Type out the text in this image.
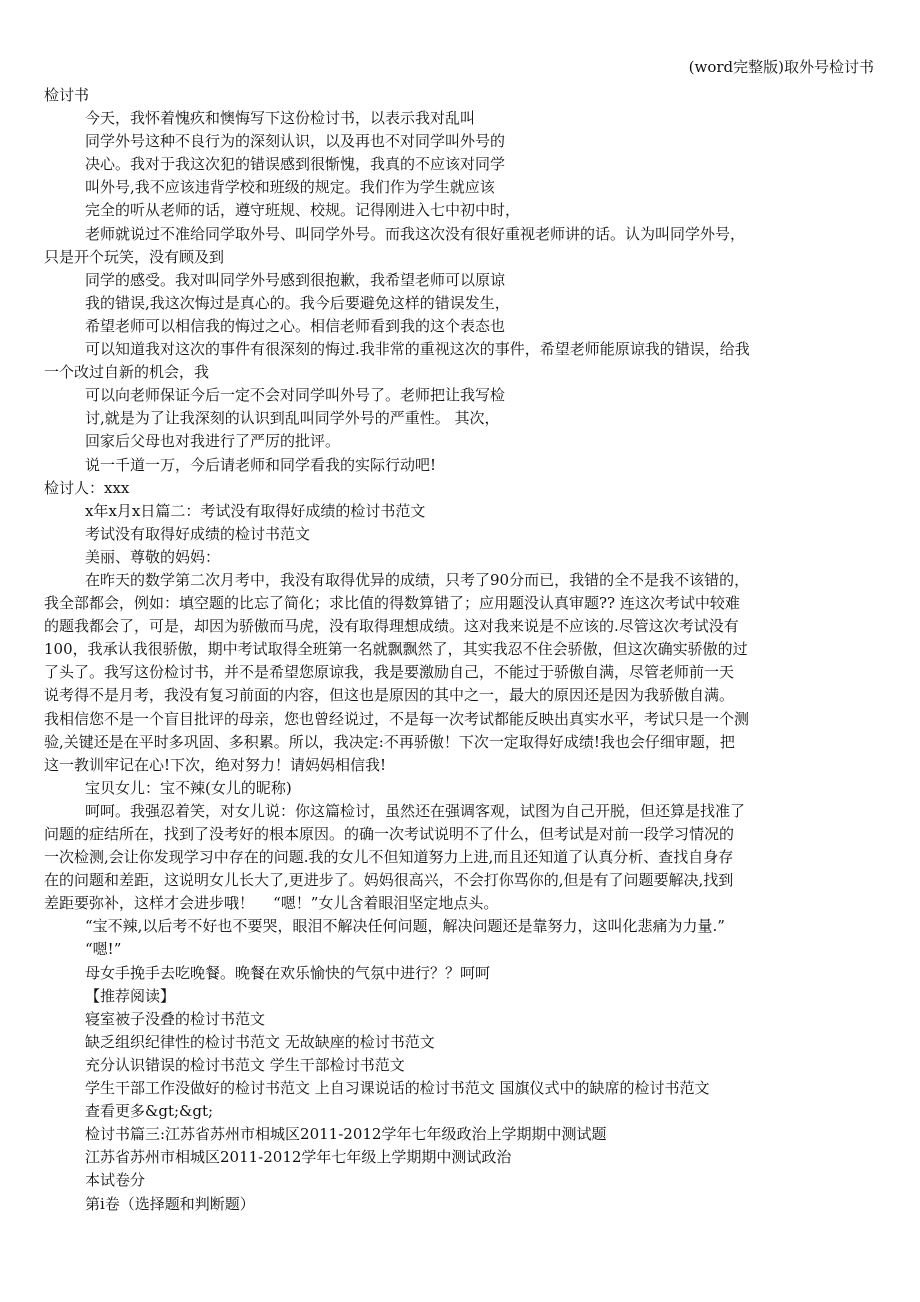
(word完整版)取外号检讨书
检讨书
今天，我怀着愧疚和懊悔写下这份检讨书，以表示我对乱叫
同学外号这种不良行为的深刻认识，以及再也不对同学叫外号的
决心。我对于我这次犯的错误感到很惭愧，我真的不应该对同学
叫外号,我不应该违背学校和班级的规定。我们作为学生就应该
完全的听从老师的话，遵守班规、校规。记得刚进入七中初中时，
老师就说过不准给同学取外号、叫同学外号。而我这次没有很好重视老师讲的话。认为叫同学外号，
只是开个玩笑，没有顾及到
同学的感受。我对叫同学外号感到很抱歉，我希望老师可以原谅
我的错误,我这次悔过是真心的。我今后要避免这样的错误发生，
希望老师可以相信我的悔过之心。相信老师看到我的这个表态也
可以知道我对这次的事件有很深刻的悔过.我非常的重视这次的事件，希望老师能原谅我的错误，给我
一个改过自新的机会，我
可以向老师保证今后一定不会对同学叫外号了。老师把让我写检
讨,就是为了让我深刻的认识到乱叫同学外号的严重性。 其次，
回家后父母也对我进行了严厉的批评。
说一千道一万，今后请老师和同学看我的实际行动吧!
检讨人：xxx
x年x月x日篇二：考试没有取得好成绩的检讨书范文
考试没有取得好成绩的检讨书范文
美丽、尊敬的妈妈：
在昨天的数学第二次月考中，我没有取得优异的成绩，只考了90分而已，我错的全不是我不该错的，
我全部都会，例如：填空题的比忘了简化；求比值的得数算错了；应用题没认真审题?? 连这次考试中较难
的题我都会了，可是，却因为骄傲而马虎，没有取得理想成绩。这对我来说是不应该的.尽管这次考试没有
100，我承认我很骄傲，期中考试取得全班第一名就飘飘然了，其实我忍不住会骄傲，但这次确实骄傲的过
了头了。我写这份检讨书，并不是希望您原谅我，我是要激励自己，不能过于骄傲自满，尽管老师前一天
说考得不是月考，我没有复习前面的内容，但这也是原因的其中之一，最大的原因还是因为我骄傲自满。
我相信您不是一个盲目批评的母亲，您也曾经说过，不是每一次考试都能反映出真实水平，考试只是一个测
验,关键还是在平时多巩固、多积累。所以，我决定:不再骄傲！下次一定取得好成绩!我也会仔细审题，把
这一教训牢记在心!下次，绝对努力！请妈妈相信我!
宝贝女儿：宝不辣(女儿的昵称)
呵呵。我强忍着笑，对女儿说：你这篇检讨，虽然还在强调客观，试图为自己开脱，但还算是找准了
问题的症结所在，找到了没考好的根本原因。的确一次考试说明不了什么，但考试是对前一段学习情况的
一次检测,会让你发现学习中存在的问题.我的女儿不但知道努力上进,而且还知道了认真分析、查找自身存
在的问题和差距，这说明女儿长大了,更进步了。妈妈很高兴，不会打你骂你的,但是有了问题要解决,找到
差距要弥补，这样才会进步哦！    “嗯！”女儿含着眼泪坚定地点头。
“宝不辣,以后考不好也不要哭，眼泪不解决任何问题，解决问题还是靠努力，这叫化悲痛为力量.”
“嗯!”
母女手挽手去吃晚餐。晚餐在欢乐愉快的气氛中进行？？呵呵
【推荐阅读】
寝室被子没叠的检讨书范文
缺乏组织纪律性的检讨书范文 无故缺座的检讨书范文
充分认识错误的检讨书范文 学生干部检讨书范文
学生干部工作没做好的检讨书范文 上自习课说话的检讨书范文 国旗仪式中的缺席的检讨书范文
查看更多&gt;&gt;
检讨书篇三:江苏省苏州市相城区2011-2012学年七年级政治上学期期中测试题
江苏省苏州市相城区2011-2012学年七年级上学期期中测试政治
本试卷分
第ⅰ卷（选择题和判断题）
